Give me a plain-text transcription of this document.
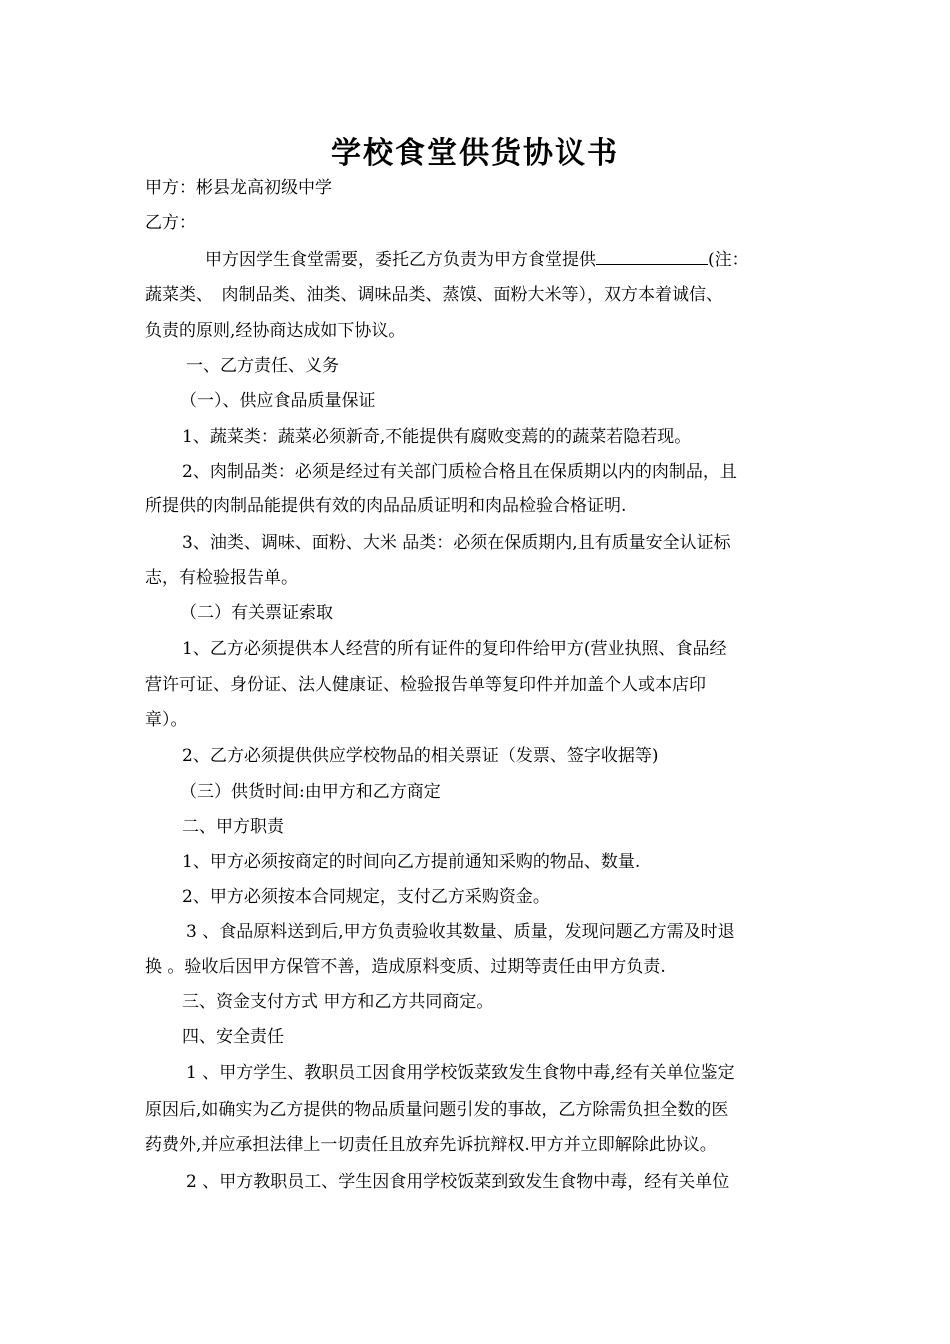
学校食堂供货协议书
甲方：彬县龙高初级中学
乙方：
甲方因学生食堂需要，委托乙方负责为甲方食堂提供	(注：
蔬菜类、　肉制品类、油类、调味品类、蒸馍、面粉大米等），双方本着诚信、
负责的原则,经协商达成如下协议。
一、乙方责任、义务
（一）、供应食品质量保证
1、蔬菜类：蔬菜必须新奇,不能提供有腐败变蔫的的蔬菜若隐若现。
2、肉制品类：必须是经过有关部门质检合格且在保质期以内的肉制品，且
所提供的肉制品能提供有效的肉品品质证明和肉品检验合格证明.
3、油类、调味、面粉、大米 品类：必须在保质期内,且有质量安全认证标
志，有检验报告单。
（二）有关票证索取
1、乙方必须提供本人经营的所有证件的复印件给甲方(营业执照、食品经
营许可证、身份证、法人健康证、检验报告单等复印件并加盖个人或本店印
章）。
2、乙方必须提供供应学校物品的相关票证（发票、签字收据等)
（三）供货时间:由甲方和乙方商定
二、甲方职责
1、甲方必须按商定的时间向乙方提前通知采购的物品、数量.
2、甲方必须按本合同规定，支付乙方采购资金。
3 、食品原料送到后,甲方负责验收其数量、质量，发现问题乙方需及时退
换 。验收后因甲方保管不善，造成原料变质、过期等责任由甲方负责.
三、资金支付方式 甲方和乙方共同商定。
四、安全责任
1 、甲方学生、教职员工因食用学校饭菜致发生食物中毒,经有关单位鉴定
原因后,如确实为乙方提供的物品质量问题引发的事故，乙方除需负担全数的医
药费外,并应承担法律上一切责任且放弃先诉抗辩权.甲方并立即解除此协议。
2 、甲方教职员工、学生因食用学校饭菜到致发生食物中毒，经有关单位
